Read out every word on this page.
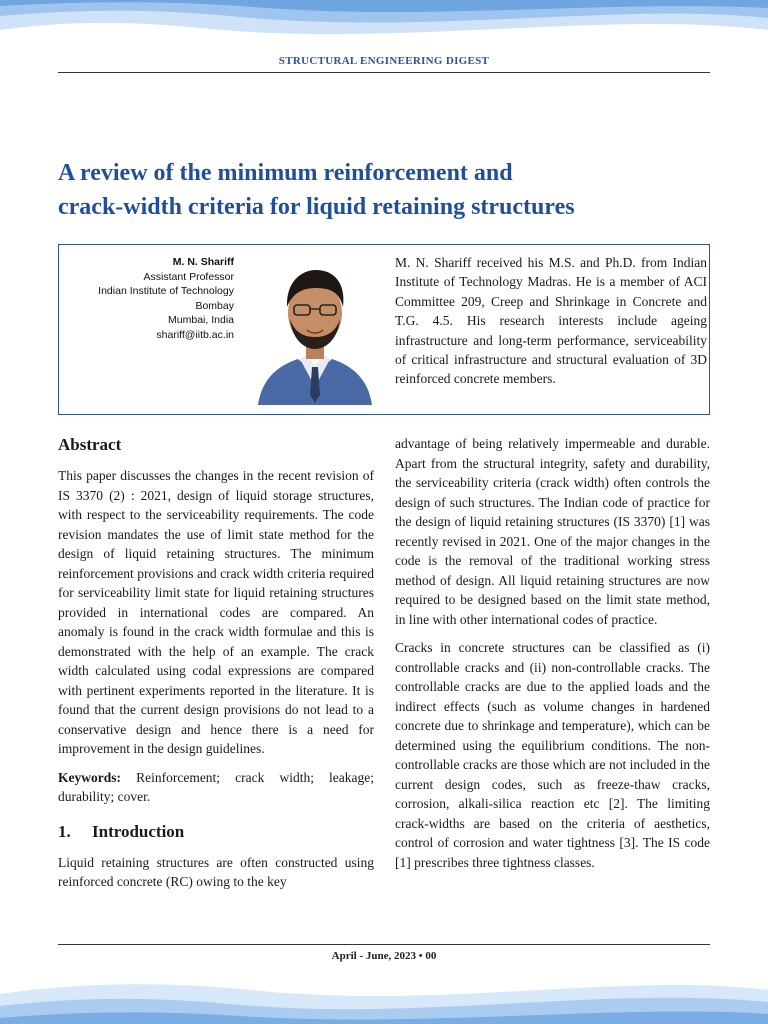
STRUCTURAL ENGINEERING DIGEST
A review of the minimum reinforcement and
crack-width criteria for liquid retaining structures
M. N. Shariff
Assistant Professor
Indian Institute of Technology
Bombay
Mumbai, India
shariff@iitb.ac.in

M. N. Shariff received his M.S. and Ph.D. from Indian Institute of Technology Madras. He is a member of ACI Committee 209, Creep and Shrinkage in Concrete and T.G. 4.5. His research interests include ageing infrastructure and long-term performance, serviceability of critical infrastructure and structural evaluation of 3D reinforced concrete members.

Abstract

This paper discusses the changes in the recent revision of IS 3370 (2) : 2021, design of liquid storage structures, with respect to the serviceability requirements. The code revision mandates the use of limit state method for the design of liquid retaining structures. The minimum reinforcement provisions and crack width criteria required for serviceability limit state for liquid retaining structures provided in international codes are compared. An anomaly is found in the crack width formulae and this is demonstrated with the help of an example. The crack width calculated using codal expressions are compared with pertinent experiments reported in the literature. It is found that the current design provisions do not lead to a conservative design and hence there is a need for improvement in the design guidelines.

Keywords: Reinforcement; crack width; leakage; durability; cover.

1. Introduction

Liquid retaining structures are often constructed using reinforced concrete (RC) owing to the key

advantage of being relatively impermeable and durable. Apart from the structural integrity, safety and durability, the serviceability criteria (crack width) often controls the design of such structures. The Indian code of practice for the design of liquid retaining structures (IS 3370) [1] was recently revised in 2021. One of the major changes in the code is the removal of the traditional working stress method of design. All liquid retaining structures are now required to be designed based on the limit state method, in line with other international codes of practice.

Cracks in concrete structures can be classified as (i) controllable cracks and (ii) non-controllable cracks. The controllable cracks are due to the applied loads and the indirect effects (such as volume changes in hardened concrete due to shrinkage and temperature), which can be determined using the equilibrium conditions. The non-controllable cracks are those which are not included in the current design codes, such as freeze-thaw cracks, corrosion, alkali-silica reaction etc [2]. The limiting crack-widths are based on the criteria of aesthetics, control of corrosion and water tightness [3]. The IS code [1] prescribes three tightness classes.

April - June, 2023 • 00
